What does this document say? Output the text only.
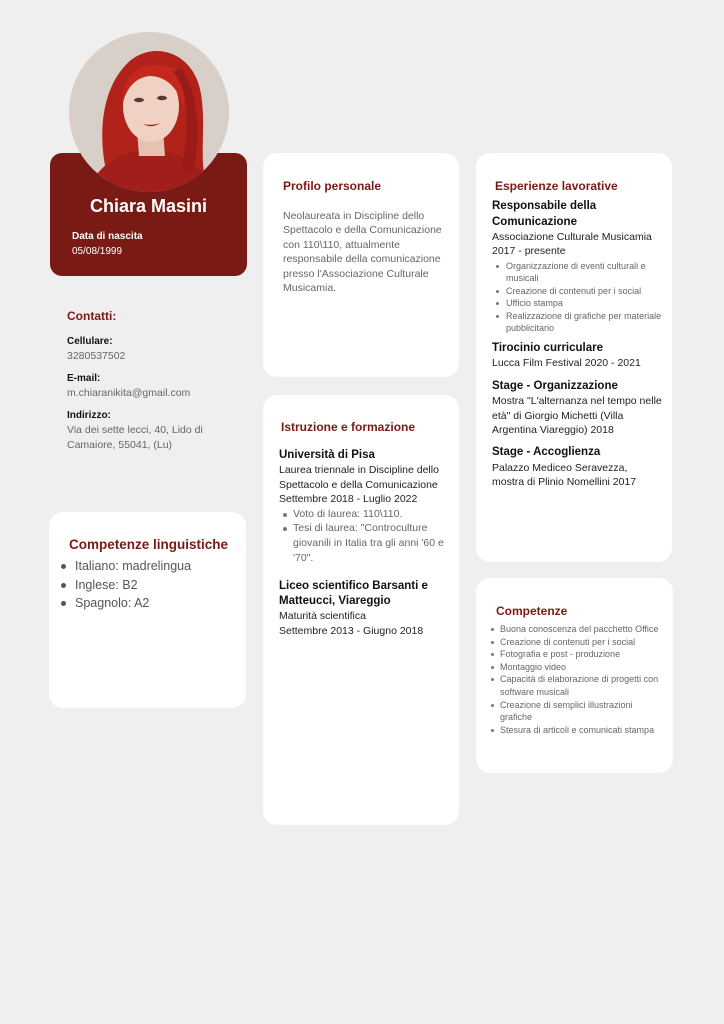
Chiara Masini
Data di nascita
05/08/1999
Contatti:
Cellulare:
3280537502
E-mail:
m.chiaranikita@gmail.com
Indirizzo:
Via dei sette lecci, 40, Lido di Camaiore, 55041, (Lu)
Competenze linguistiche
Italiano: madrelingua
Inglese: B2
Spagnolo: A2
Profilo personale
Neolaureata in Discipline dello Spettacolo e della Comunicazione con 110\110, attualmente responsabile della comunicazione presso l'Associazione Culturale Musicamia.
Istruzione e formazione
Università di Pisa
Laurea triennale in Discipline dello Spettacolo e della Comunicazione
Settembre 2018 - Luglio 2022
Voto di laurea: 110\110.
Tesi di laurea: "Controculture giovanili in Italia tra gli anni '60 e '70".
Liceo scientifico Barsanti e Matteucci, Viareggio
Maturità scientifica
Settembre 2013 - Giugno 2018
Esperienze lavorative
Responsabile della Comunicazione
Associazione Culturale Musicamia 2017 - presente
Organizzazione di eventi culturali e musicali
Creazione di contenuti per i social
Ufficio stampa
Realizzazione di grafiche per materiale pubblicitario
Tirocinio curriculare
Lucca Film Festival 2020 - 2021
Stage - Organizzazione
Mostra "L'alternanza nel tempo nelle età" di Giorgio Michetti (Villa Argentina Viareggio) 2018
Stage - Accoglienza
Palazzo Mediceo Seravezza, mostra di Plinio Nomellini 2017
Competenze
Buona conoscenza del pacchetto Office
Creazione di contenuti per i social
Fotografia e post - produzione
Montaggio video
Capacità di elaborazione di progetti con software musicali
Creazione di semplici illustrazioni grafiche
Stesura di articoli e comunicati stampa
